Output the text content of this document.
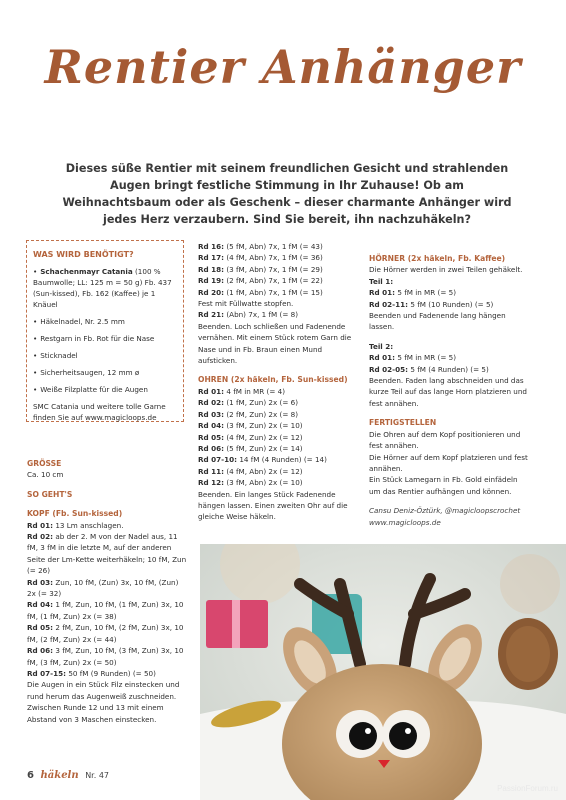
Rentier Anhänger
Dieses süße Rentier mit seinem freundlichen Gesicht und strahlenden Augen bringt festliche Stimmung in Ihr Zuhause! Ob am Weihnachtsbaum oder als Geschenk – dieser charmante Anhänger wird jedes Herz verzaubern. Sind Sie bereit, ihn nachzuhäkeln?
WAS WIRD BENÖTIGT?
• Schachenmayr Catania (100 % Baumwolle; LL: 125 m = 50 g) Fb. 437 (Sun-kissed), Fb. 162 (Kaffee) je 1 Knäuel
• Häkelnadel, Nr. 2.5 mm
• Restgarn in Fb. Rot für die Nase
• Sticknadel
• Sicherheitsaugen, 12 mm ø
• Weiße Filzplatte für die Augen
SMC Catania und weitere tolle Garne finden Sie auf www.magicloops.de

GRÖSSE

Ca. 10 cm

SO GEHT'S

KOPF (Fb. Sun-kissed)

Rd 01: 13 Lm anschlagen.

Rd 02: ab der 2. M von der Nadel aus, 11 fM, 3 fM in die letzte M, auf der anderen Seite der Lm-Kette weiterhäkeln; 10 fM, Zun (= 26)

Rd 03: Zun, 10 fM, (Zun) 3x, 10 fM, (Zun) 2x (= 32)

Rd 04: 1 fM, Zun, 10 fM, (1 fM, Zun) 3x, 10 fM, (1 fM, Zun) 2x (= 38)

Rd 05: 2 fM, Zun, 10 fM, (2 fM, Zun) 3x, 10 fM, (2 fM, Zun) 2x (= 44)

Rd 06: 3 fM, Zun, 10 fM, (3 fM, Zun) 3x, 10 fM, (3 fM, Zun) 2x (= 50)

Rd 07-15: 50 fM (9 Runden) (= 50)

Die Augen in ein Stück Filz einstecken und rund herum das Augenweiß zuschneiden. Zwischen Runde 12 und 13 mit einem Abstand von 3 Maschen einstecken.

Rd 16: (5 fM, Abn) 7x, 1 fM (= 43)

Rd 17: (4 fM, Abn) 7x, 1 fM (= 36)

Rd 18: (3 fM, Abn) 7x, 1 fM (= 29)

Rd 19: (2 fM, Abn) 7x, 1 fM (= 22)

Rd 20: (1 fM, Abn) 7x, 1 fM (= 15)

Fest mit Füllwatte stopfen.

Rd 21: (Abn) 7x, 1 fM (= 8)

Beenden. Loch schließen und Fadenende vernähen. Mit einem Stück rotem Garn die Nase und in Fb. Braun einen Mund aufsticken.

OHREN (2x häkeln, Fb. Sun-kissed)

Rd 01: 4 fM in MR (= 4)

Rd 02: (1 fM, Zun) 2x (= 6)

Rd 03: (2 fM, Zun) 2x (= 8)

Rd 04: (3 fM, Zun) 2x (= 10)

Rd 05: (4 fM, Zun) 2x (= 12)

Rd 06: (5 fM, Zun) 2x (= 14)

Rd 07-10: 14 fM (4 Runden) (= 14)

Rd 11: (4 fM, Abn) 2x (= 12)

Rd 12: (3 fM, Abn) 2x (= 10)

Beenden. Ein langes Stück Fadenende hängen lassen. Einen zweiten Ohr auf die gleiche Weise häkeln.

HÖRNER (2x häkeln, Fb. Kaffee)

Die Hörner werden in zwei Teilen gehäkelt.

Teil 1:

Rd 01: 5 fM in MR (= 5)

Rd 02-11: 5 fM (10 Runden) (= 5)

Beenden und Fadenende lang hängen lassen.

Teil 2:

Rd 01: 5 fM in MR (= 5)

Rd 02-05: 5 fM (4 Runden) (= 5)

Beenden. Faden lang abschneiden und das kurze Teil auf das lange Horn platzieren und fest annähen.

FERTIGSTELLEN

Die Ohren auf dem Kopf positionieren und fest annähen.

Die Hörner auf dem Kopf platzieren und fest annähen.

Ein Stück Lamegarn in Fb. Gold einfädeln um das Rentier aufhängen und können.

Cansu Deniz-Öztürk, @magicloopscrochet

www.magicloops.de

6 häkeln Nr. 47
PassionForum.ru
